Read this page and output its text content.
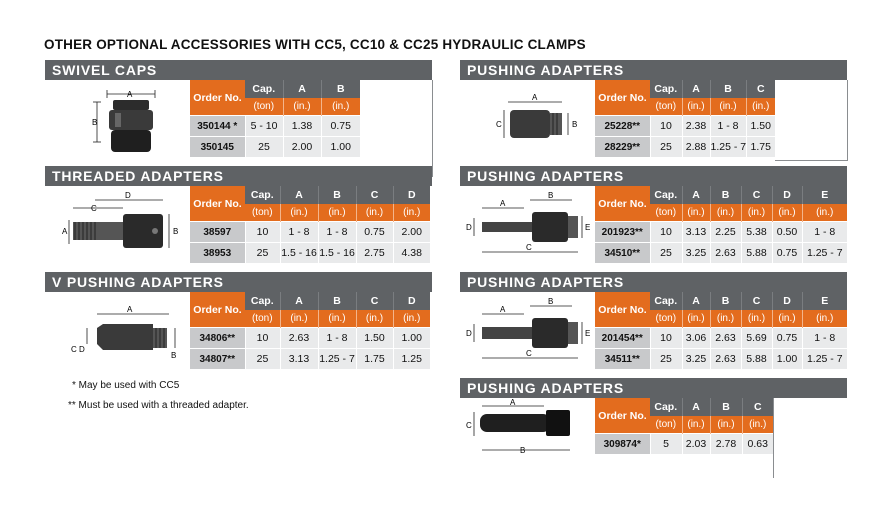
OTHER OPTIONAL ACCESSORIES WITH CC5, CC10 & CC25 HYDRAULIC CLAMPS
SWIVEL CAPS
A
B
Order No.	Cap.	A	B
	(ton)	(in.)	(in.)
350144 *	5 - 10	1.38	0.75
350145	25	2.00	1.00
THREADED ADAPTERS
D
C
A	B
Order No.	Cap.	A	B	C	D
	(ton)	(in.)	(in.)	(in.)	(in.)
38597	10	1 - 8	1 - 8	0.75	2.00
38953	25	1.5 - 16	1.5 - 16	2.75	4.38
V PUSHING ADAPTERS
A
C D
B
Order No.	Cap.	A	B	C	D
	(ton)	(in.)	(in.)	(in.)	(in.)
34806**	10	2.63	1 - 8	1.50	1.00
34807**	25	3.13	1.25 - 7	1.75	1.25
* May be used with CC5
** Must be used with a threaded adapter.
PUSHING ADAPTERS
A
C	B
Order No.	Cap.	A	B	C
	(ton)	(in.)	(in.)	(in.)
25228**	10	2.38	1 - 8	1.50
28229**	25	2.88	1.25 - 7	1.75
PUSHING ADAPTERS
B
A
D	E
C
Order No.	Cap.	A	B	C	D	E
	(ton)	(in.)	(in.)	(in.)	(in.)	(in.)
201923**	10	3.13	2.25	5.38	0.50	1 - 8
34510**	25	3.25	2.63	5.88	0.75	1.25 - 7
PUSHING ADAPTERS
B
A
D	E
C
Order No.	Cap.	A	B	C	D	E
	(ton)	(in.)	(in.)	(in.)	(in.)	(in.)
201454**	10	3.06	2.63	5.69	0.75	1 - 8
34511**	25	3.25	2.63	5.88	1.00	1.25 - 7
PUSHING ADAPTERS
A
C
B
Order No.	Cap.	A	B	C
	(ton)	(in.)	(in.)	(in.)
309874*	5	2.03	2.78	0.63
